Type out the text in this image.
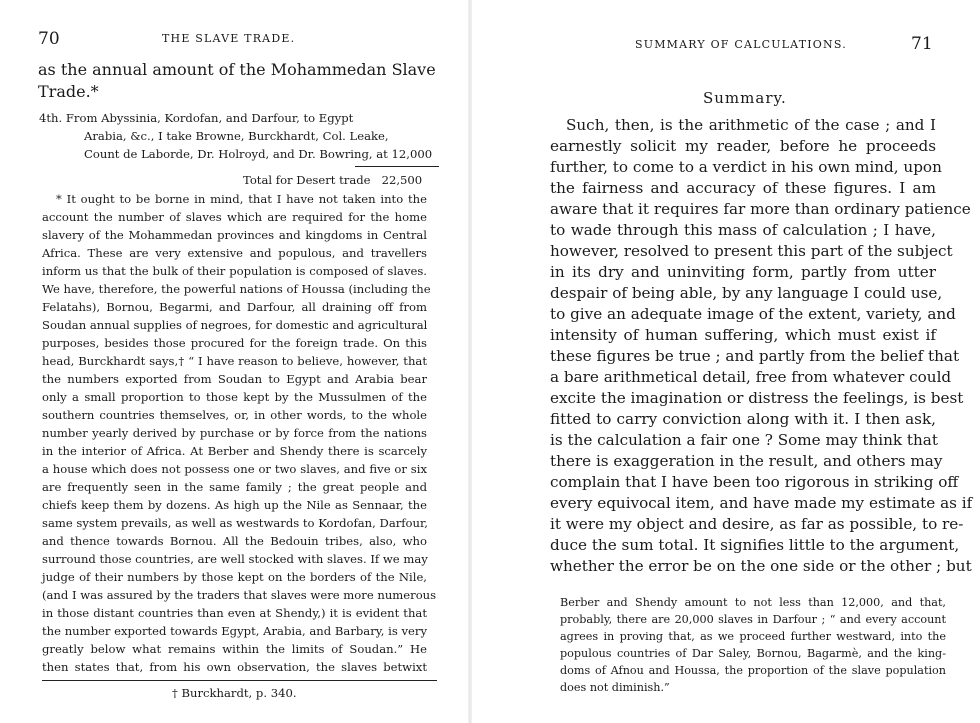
70	THE SLAVE TRADE.
as the annual amount of the Mohammedan Slave
Trade.*
4th. From Abyssinia, Kordofan, and Darfour, to Egypt
Arabia, &c., I take Browne, Burckhardt, Col. Leake,
Count de Laborde, Dr. Holroyd, and Dr. Bowring, at 12,000
Total for Desert trade   22,500
* It ought to be borne in mind, that I have not taken into the
account the number of slaves which are required for the home
slavery of the Mohammedan provinces and kingdoms in Central
Africa. These are very extensive and populous, and travellers
inform us that the bulk of their population is composed of slaves.
We have, therefore, the powerful nations of Houssa (including the
Felatahs), Bornou, Begarmi, and Darfour, all draining off from
Soudan annual supplies of negroes, for domestic and agricultural
purposes, besides those procured for the foreign trade. On this
head, Burckhardt says,† “ I have reason to believe, however, that
the numbers exported from Soudan to Egypt and Arabia bear
only a small proportion to those kept by the Mussulmen of the
southern countries themselves, or, in other words, to the whole
number yearly derived by purchase or by force from the nations
in the interior of Africa. At Berber and Shendy there is scarcely
a house which does not possess one or two slaves, and five or six
are frequently seen in the same family ; the great people and
chiefs keep them by dozens. As high up the Nile as Sennaar, the
same system prevails, as well as westwards to Kordofan, Darfour,
and thence towards Bornou. All the Bedouin tribes, also, who
surround those countries, are well stocked with slaves. If we may
judge of their numbers by those kept on the borders of the Nile,
(and I was assured by the traders that slaves were more numerous
in those distant countries than even at Shendy,) it is evident that
the number exported towards Egypt, Arabia, and Barbary, is very
greatly below what remains within the limits of Soudan.” He
then states that, from his own observation, the slaves betwixt
† Burckhardt, p. 340.
SUMMARY OF CALCULATIONS.	71
Summary.
Such, then, is the arithmetic of the case ; and I
earnestly solicit my reader, before he proceeds
further, to come to a verdict in his own mind, upon
the fairness and accuracy of these figures. I am
aware that it requires far more than ordinary patience
to wade through this mass of calculation ; I have,
however, resolved to present this part of the subject
in its dry and uninviting form, partly from utter
despair of being able, by any language I could use,
to give an adequate image of the extent, variety, and
intensity of human suffering, which must exist if
these figures be true ; and partly from the belief that
a bare arithmetical detail, free from whatever could
excite the imagination or distress the feelings, is best
fitted to carry conviction along with it. I then ask,
is the calculation a fair one ? Some may think that
there is exaggeration in the result, and others may
complain that I have been too rigorous in striking off
every equivocal item, and have made my estimate as if
it were my object and desire, as far as possible, to re-
duce the sum total. It signifies little to the argument,
whether the error be on the one side or the other ; but
Berber and Shendy amount to not less than 12,000, and that,
probably, there are 20,000 slaves in Darfour ; “ and every account
agrees in proving that, as we proceed further westward, into the
populous countries of Dar Saley, Bornou, Bagarmè, and the king-
doms of Afnou and Houssa, the proportion of the slave population
does not diminish.”
